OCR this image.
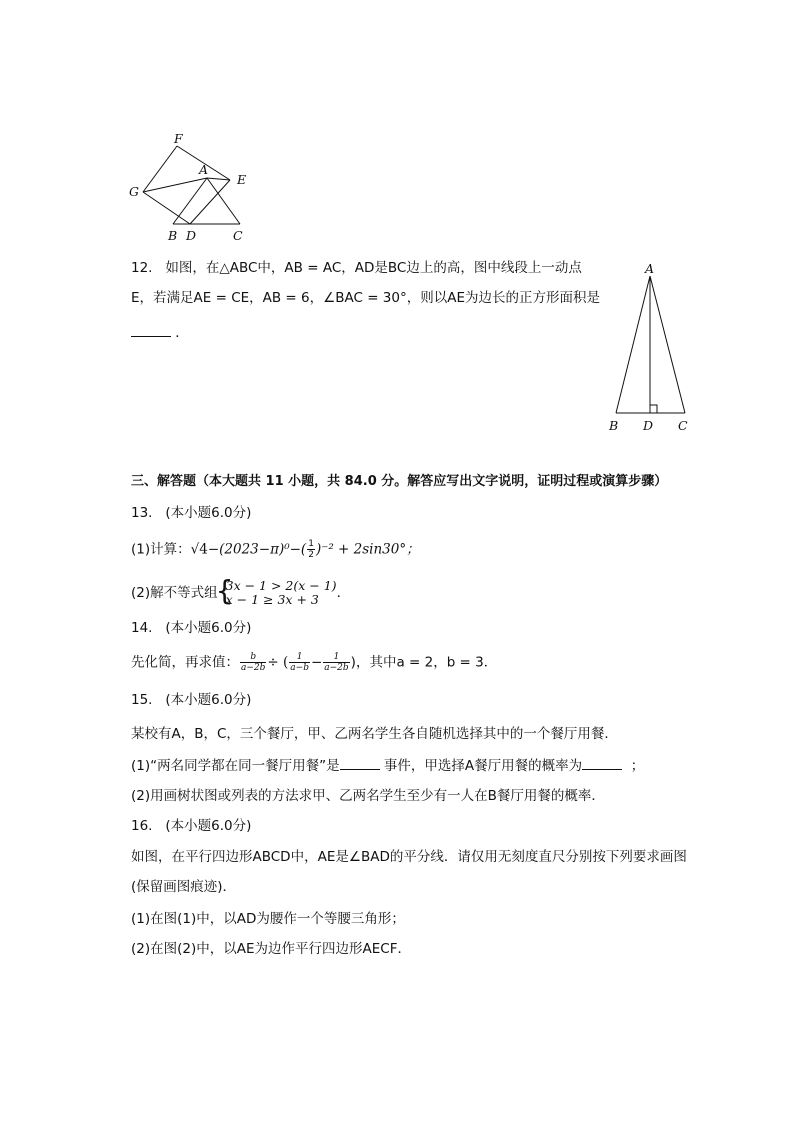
F
A
E
G
B D	C
12. 如图，在△ABC中，AB = AC，AD是BC边上的高，图中线段上一动点
E，若满足AE = CE，AB = 6，∠BAC = 30°，则以AE为边长的正方形面积是
．
A
B D C
三、解答题（本大题共 11 小题，共 84.0 分。解答应写出文字说明，证明过程或演算步骤）
13. (本小题6.0分)
(1)计算：$√4-(2023-\pi)^0-( \frac{1}{2} )^{-2} + 2\sin 30^\circ$；
(2)解不等式组
{ 3x − 1 > 2(x − 1)
x − 1 ≥ 3x + 3	．
14. (本小题6.0分)
先化简，再求值： $\frac{b}{a-2b}$ ÷ ( $\frac{1}{a-b} - \frac{1}{a-2b}$ )，其中a = 2，b = 3．
15. (本小题6.0分)
某校有A，B，C，三个餐厅，甲、乙两名学生各自随机选择其中的一个餐厅用餐．
(1)“两名同学都在同一餐厅用餐”是	事件，甲选择A餐厅用餐的概率为	；
(2)用画树状图或列表的方法求甲、乙两名学生至少有一人在B餐厅用餐的概率．
16. (本小题6.0分)
如图，在平行四边形ABCD中，AE是∠BAD的平分线．请仅用无刻度直尺分别按下列要求画图
(保留画图痕迹)．
(1)在图(1)中，以AD为腰作一个等腰三角形；
(2)在图(2)中，以AE为边作平行四边形AECF．
